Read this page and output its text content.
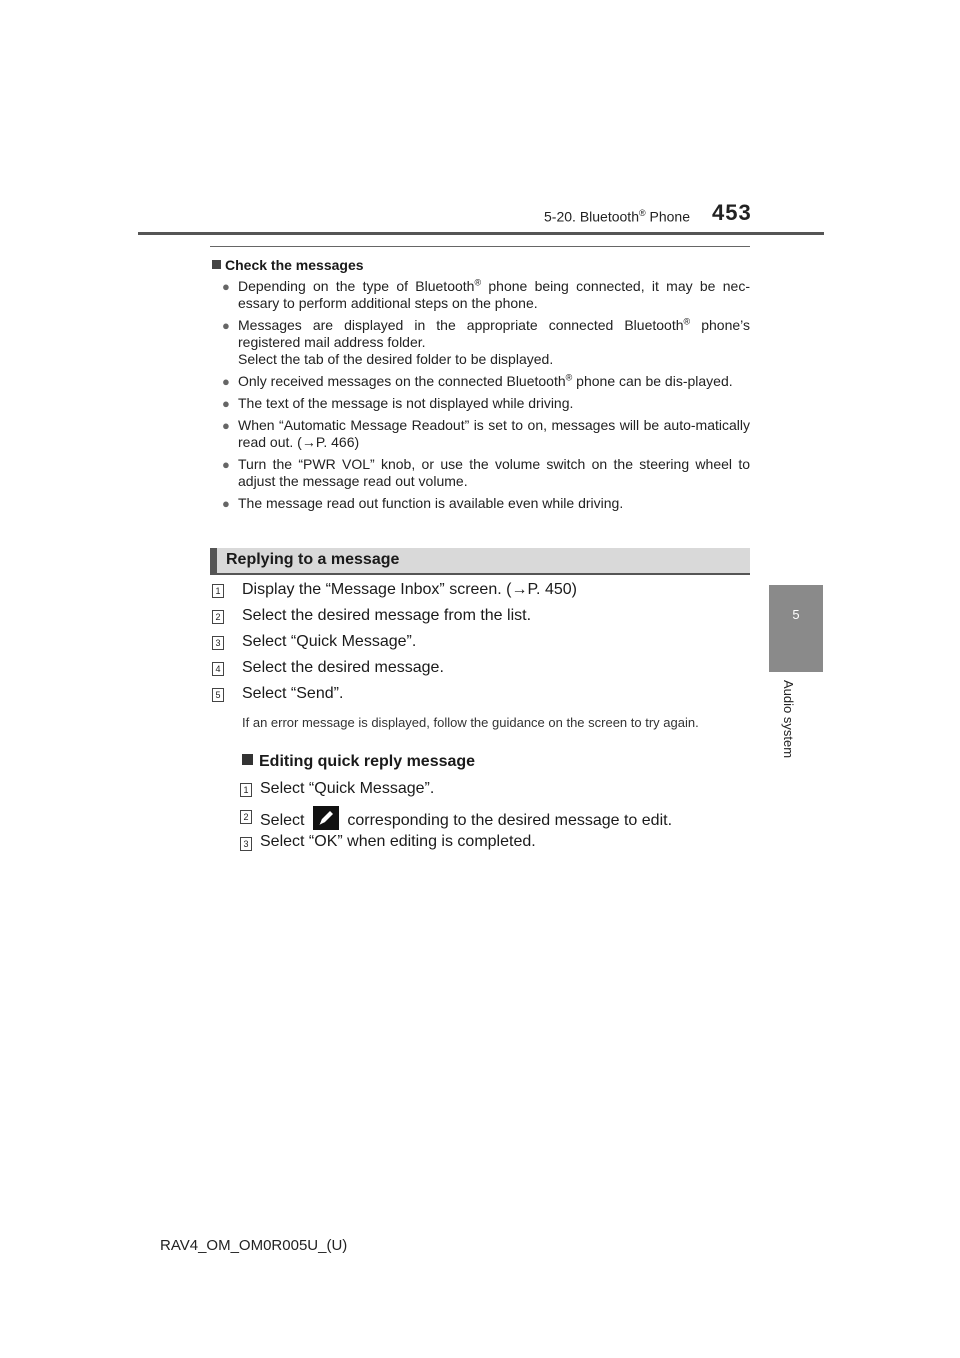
5-20. Bluetooth® Phone 453
5
Audio system
Check the messages
● Depending on the type of Bluetooth® phone being connected, it may be nec-essary to perform additional steps on the phone.
● Messages are displayed in the appropriate connected Bluetooth® phone’s registered mail address folder.
Select the tab of the desired folder to be displayed.
● Only received messages on the connected Bluetooth® phone can be dis-played.
● The text of the message is not displayed while driving.
● When “Automatic Message Readout” is set to on, messages will be auto-matically read out. (→P. 466)
● Turn the “PWR VOL” knob, or use the volume switch on the steering wheel to adjust the message read out volume.
● The message read out function is available even while driving.
Replying to a message
1 Display the “Message Inbox” screen. (→P. 450)
2 Select the desired message from the list.
3 Select “Quick Message”.
4 Select the desired message.
5 Select “Send”.
If an error message is displayed, follow the guidance on the screen to try again.
Editing quick reply message
1 Select “Quick Message”.
2 Select	corresponding to the desired message to edit.
3 Select “OK” when editing is completed.
RAV4_OM_OM0R005U_(U)
